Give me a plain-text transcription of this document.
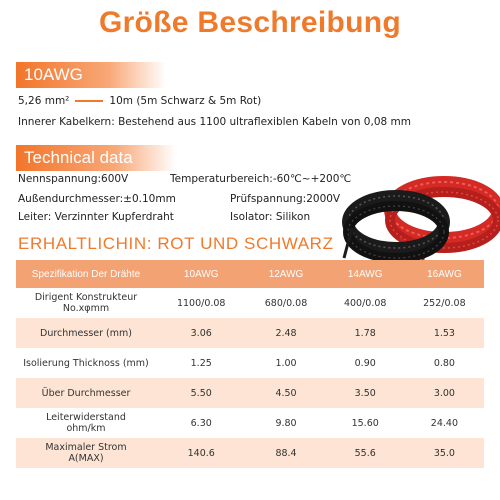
Größe Beschreibung
10AWG
5,26 mm²	10m (5m Schwarz & 5m Rot)
Innerer Kabelkern: Bestehend aus 1100 ultraflexiblen Kabeln von 0,08 mm
Technical data
Nennspannung:600V	Temperaturbereich:-60℃~+200℃
Außendurchmesser:±0.10mm	Prüfspannung:2000V
Leiter: Verzinnter Kupferdraht	Isolator: Silikon
ERHALTLICHIN: ROT UND SCHWARZ
Spezifikation Der Drähte	10AWG	12AWG	14AWG	16AWG

Dirigent Konstrukteur
No.xφmm	1100/0.08	680/0.08	400/0.08	252/0.08
Durchmesser (mm)	3.06	2.48	1.78	1.53
Isolierung Thicknoss (mm)	1.25	1.00	0.90	0.80
Über Durchmesser	5.50	4.50	3.50	3.00

Leiterwiderstand
ohm/km	6.30	9.80	15.60	24.40

Maximaler Strom
A(MAX)	140.6	88.4	55.6	35.0
